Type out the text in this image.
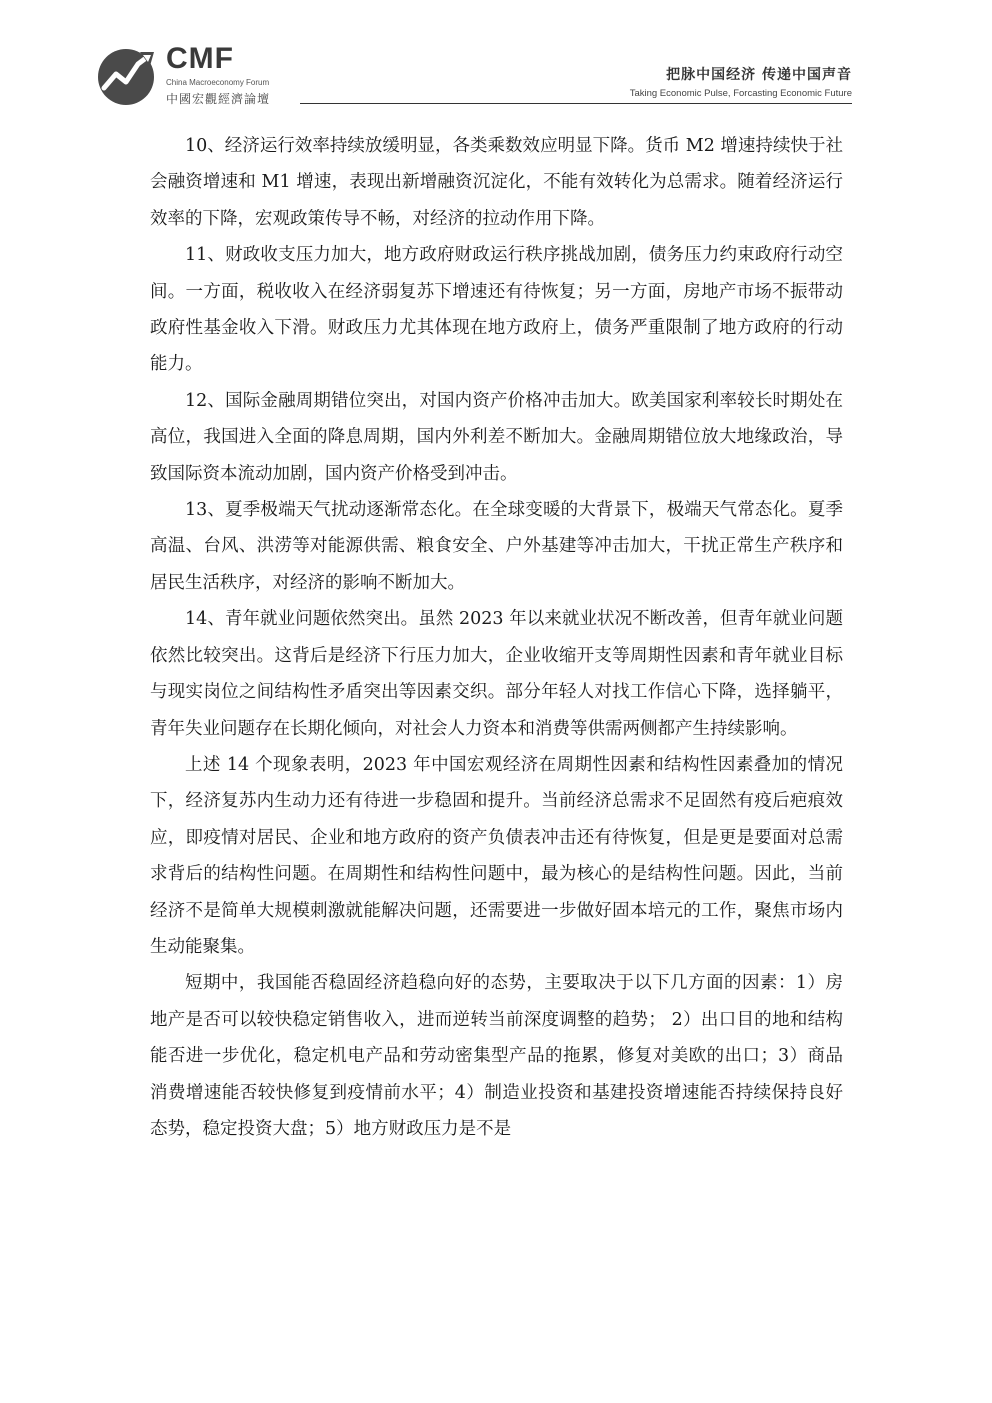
CMF
China Macroeconomy Forum
中國宏觀經濟論壇
把脉中国经济 传递中国声音
Taking Economic Pulse, Forcasting Economic Future

10、经济运行效率持续放缓明显，各类乘数效应明显下降。货币 M2 增速持续快于社会融资增速和 M1 增速，表现出新增融资沉淀化，不能有效转化为总需求。随着经济运行效率的下降，宏观政策传导不畅，对经济的拉动作用下降。

11、财政收支压力加大，地方政府财政运行秩序挑战加剧，债务压力约束政府行动空间。一方面，税收收入在经济弱复苏下增速还有待恢复；另一方面，房地产市场不振带动政府性基金收入下滑。财政压力尤其体现在地方政府上，债务严重限制了地方政府的行动能力。

12、国际金融周期错位突出，对国内资产价格冲击加大。欧美国家利率较长时期处在高位，我国进入全面的降息周期，国内外利差不断加大。金融周期错位放大地缘政治，导致国际资本流动加剧，国内资产价格受到冲击。

13、夏季极端天气扰动逐渐常态化。在全球变暖的大背景下，极端天气常态化。夏季高温、台风、洪涝等对能源供需、粮食安全、户外基建等冲击加大，干扰正常生产秩序和居民生活秩序，对经济的影响不断加大。

14、青年就业问题依然突出。虽然 2023 年以来就业状况不断改善，但青年就业问题依然比较突出。这背后是经济下行压力加大，企业收缩开支等周期性因素和青年就业目标与现实岗位之间结构性矛盾突出等因素交织。部分年轻人对找工作信心下降，选择躺平，青年失业问题存在长期化倾向，对社会人力资本和消费等供需两侧都产生持续影响。

上述 14 个现象表明，2023 年中国宏观经济在周期性因素和结构性因素叠加的情况下，经济复苏内生动力还有待进一步稳固和提升。当前经济总需求不足固然有疫后疤痕效应，即疫情对居民、企业和地方政府的资产负债表冲击还有待恢复，但是更是要面对总需求背后的结构性问题。在周期性和结构性问题中，最为核心的是结构性问题。因此，当前经济不是简单大规模刺激就能解决问题，还需要进一步做好固本培元的工作，聚焦市场内生动能聚集。

短期中，我国能否稳固经济趋稳向好的态势，主要取决于以下几方面的因素：1）房地产是否可以较快稳定销售收入，进而逆转当前深度调整的趋势； 2）出口目的地和结构能否进一步优化，稳定机电产品和劳动密集型产品的拖累，修复对美欧的出口；3）商品消费增速能否较快修复到疫情前水平；4）制造业投资和基建投资增速能否持续保持良好态势，稳定投资大盘；5）地方财政压力是不是
